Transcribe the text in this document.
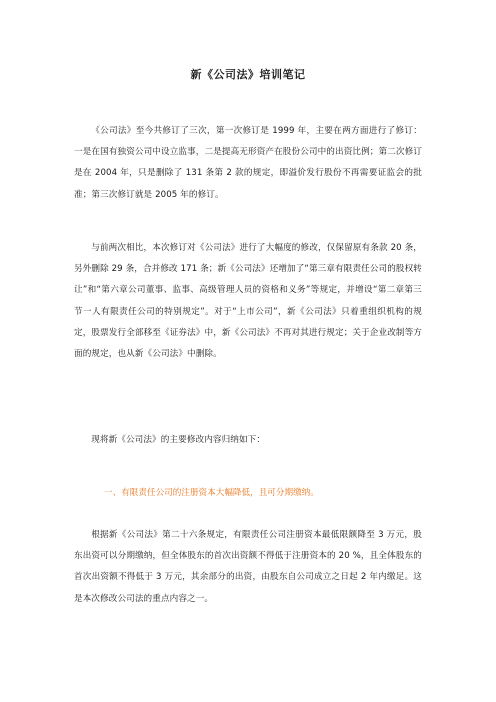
新《公司法》培训笔记
《公司法》至今共修订了三次，第一次修订是 1999 年，主要在两方面进行了修订：一是在国有独资公司中设立监事，二是提高无形资产在股份公司中的出资比例；第二次修订是在 2004 年，只是删除了 131 条第 2 款的规定，即溢价发行股份不再需要证监会的批准；第三次修订就是 2005 年的修订。
与前两次相比，本次修订对《公司法》进行了大幅度的修改，仅保留原有条款 20 条，另外删除 29 条，合并修改 171 条；新《公司法》还增加了“第三章有限责任公司的股权转让”和“第六章公司董事、监事、高级管理人员的资格和义务”等规定，并增设“第二章第三节一人有限责任公司的特别规定”。对于“上市公司”，新《公司法》只着重组织机构的规定，股票发行全部移至《证券法》中，新《公司法》不再对其进行规定；关于企业改制等方面的规定，也从新《公司法》中删除。
现将新《公司法》的主要修改内容归纳如下：
一、有限责任公司的注册资本大幅降低，且可分期缴纳。
根据新《公司法》第二十六条规定，有限责任公司注册资本最低限额降至 3 万元，股东出资可以分期缴纳，但全体股东的首次出资额不得低于注册资本的 20 %，且全体股东的首次出资额不得低于 3 万元，其余部分的出资，由股东自公司成立之日起 2 年内缴足。这是本次修改公司法的重点内容之一。
